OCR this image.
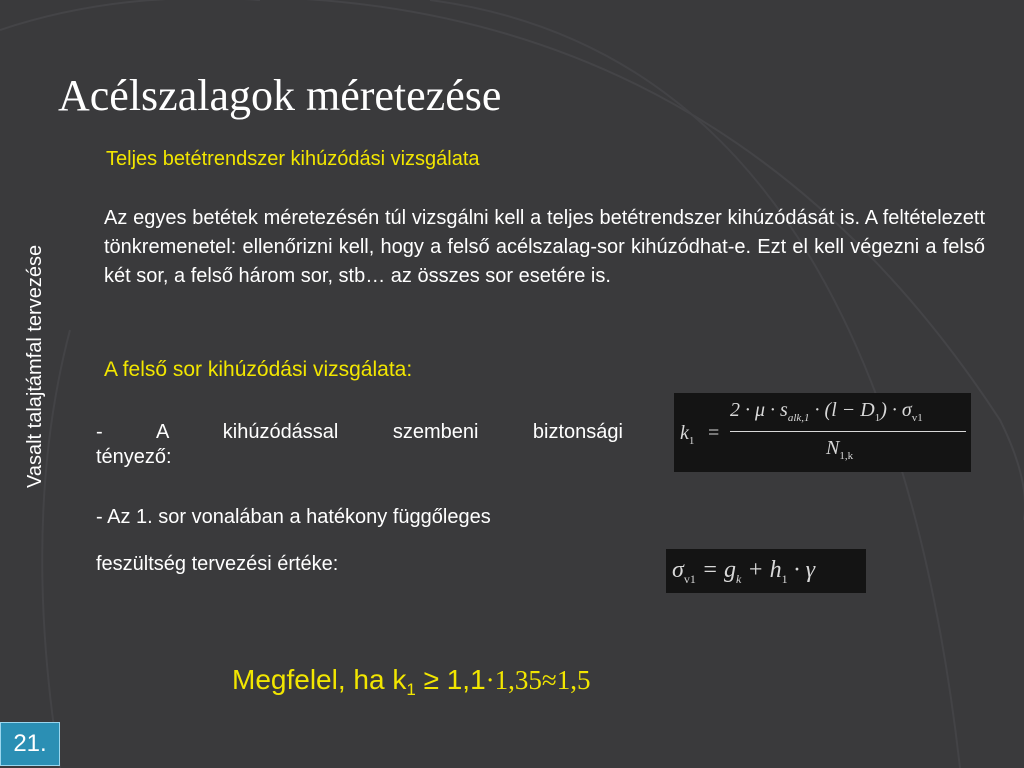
Acélszalagok méretezése
Vasalt talajtámfal tervezése
Teljes betétrendszer kihúzódási vizsgálata
Az egyes betétek méretezésén túl vizsgálni kell a teljes betétrendszer kihúzódását is. A feltételezett tönkremenetel: ellenőrizni kell, hogy a felső acélszalag-sor kihúzódhat-e. Ezt el kell végezni a felső két sor, a felső három sor, stb… az összes sor esetére is.
A felső sor kihúzódási vizsgálata:
- A kihúzódással szembeni biztonsági
tényező:
- Az 1. sor vonalában a hatékony függőleges
feszültség tervezési értéke:
$k_1$ =
$2 \cdot \mu \cdot s_{alk,1} \cdot (l - D_1) \cdot \sigma_{v1}$
$N_{1,k}$
$\sigma_{v1} = g_k + h_1 \cdot \gamma$
Megfelel, ha $k_1 \ge 1,1\cdot 1,35\approx 1,5$
21.
